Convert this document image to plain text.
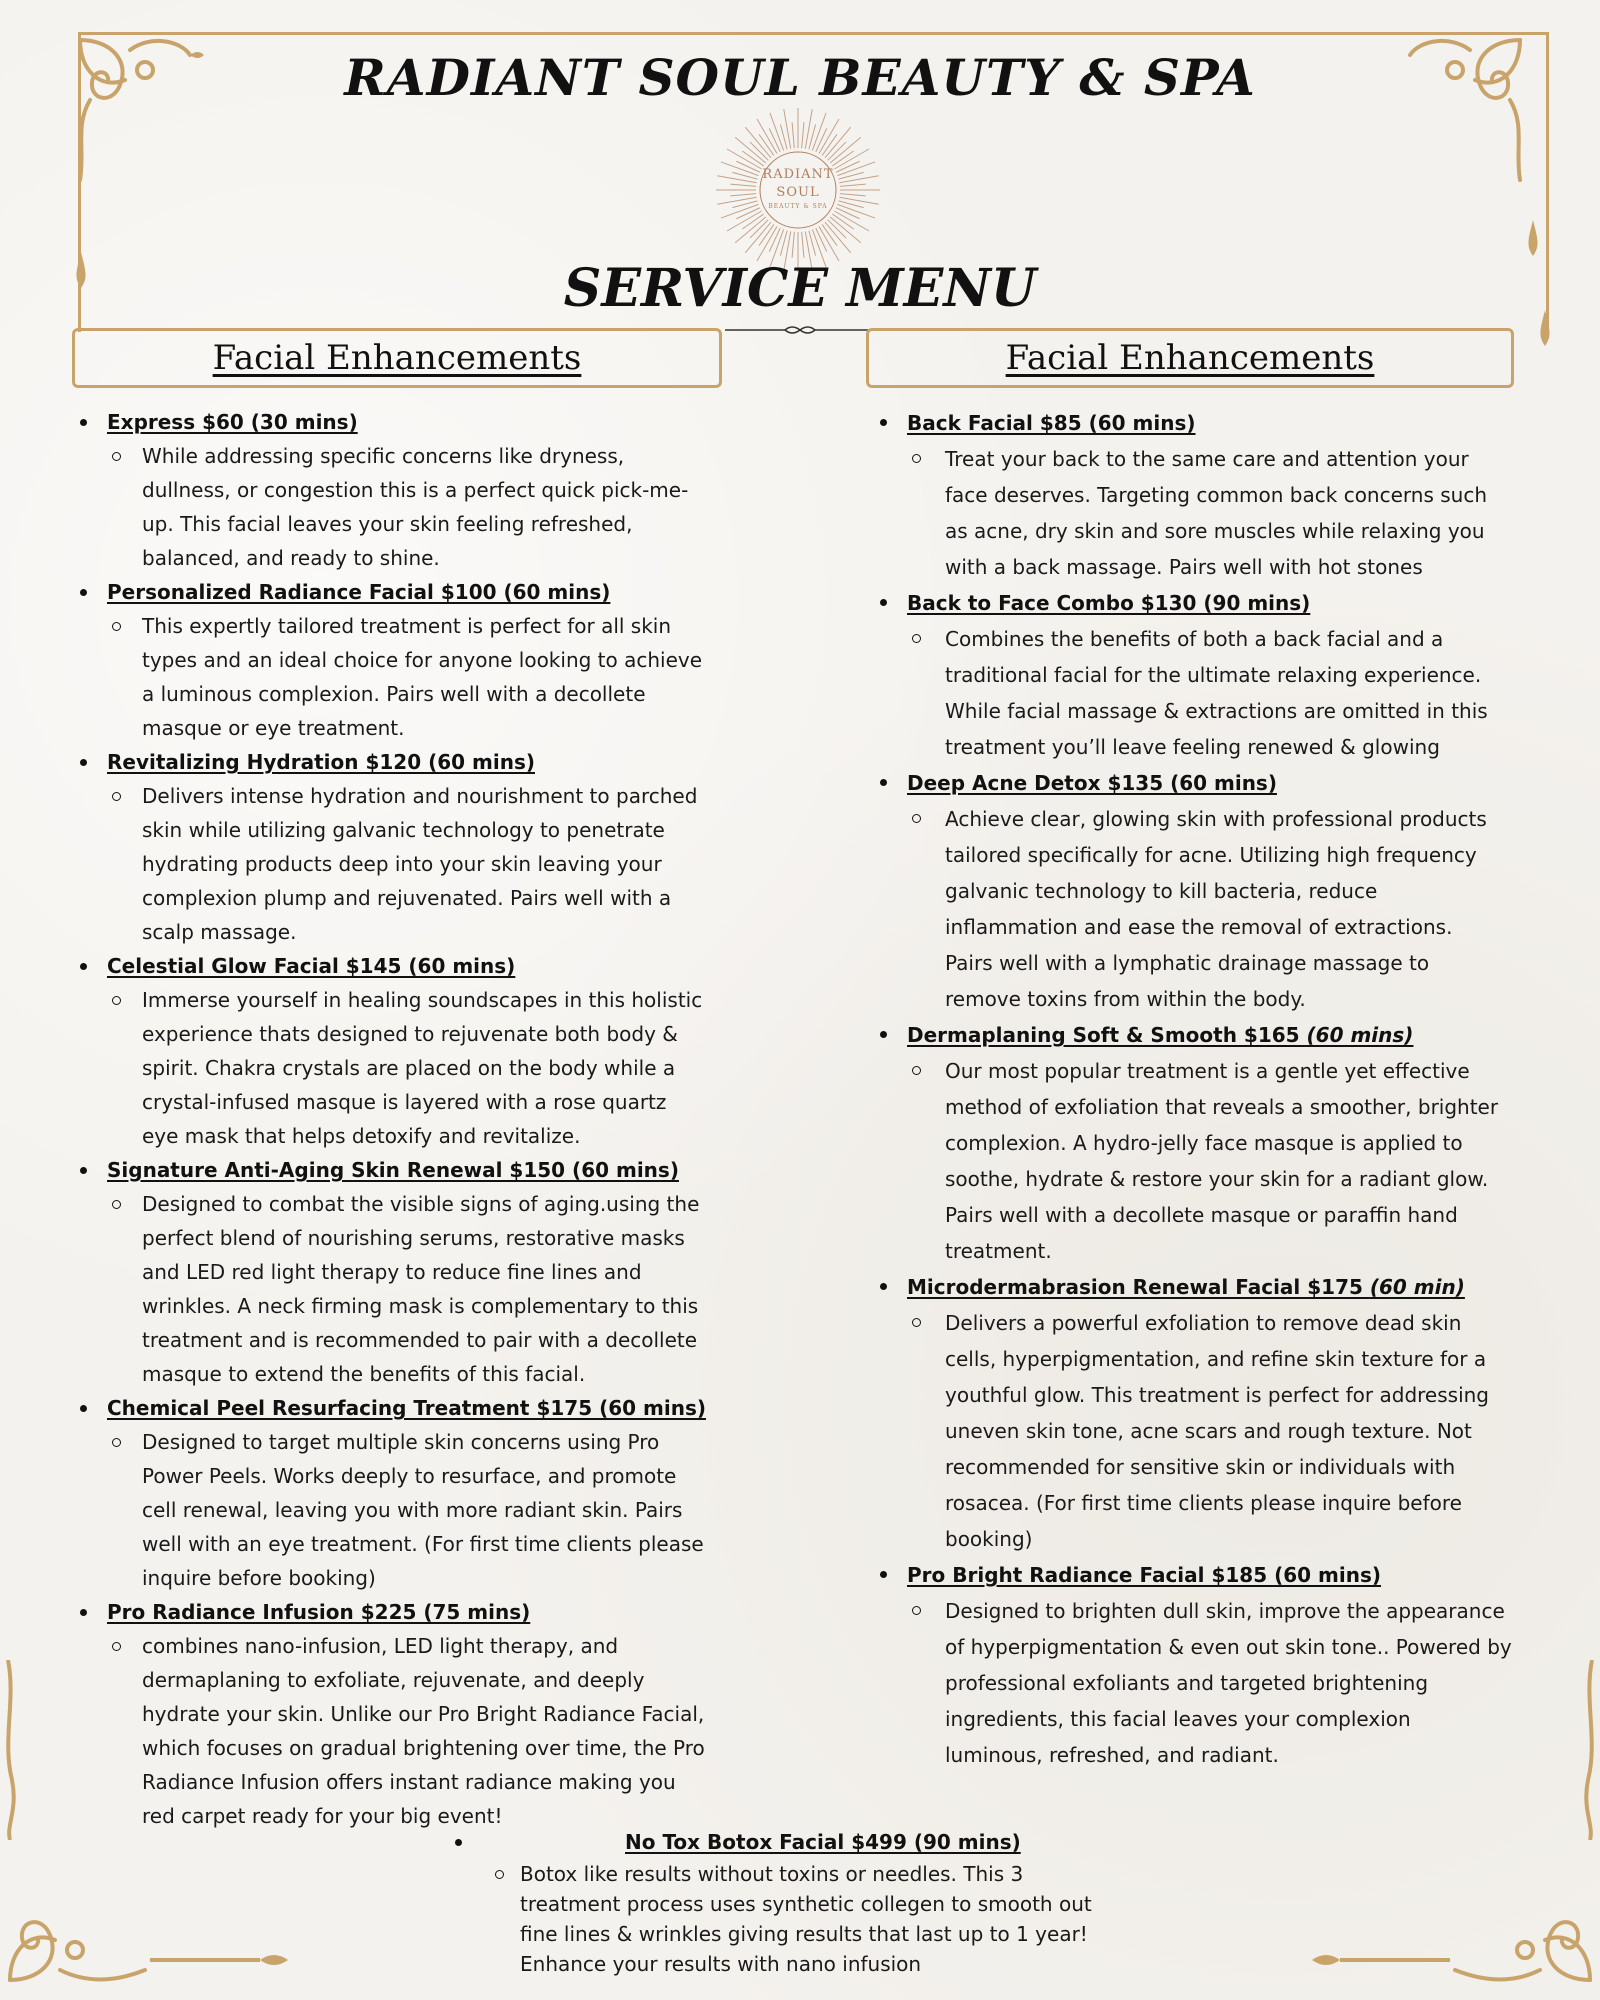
RADIANT SOUL BEAUTY & SPA
RADIANT
SOUL
BEAUTY & SPA
SERVICE MENU
Facial Enhancements	Facial Enhancements
Express $60 (30 mins)
While addressing specific concerns like dryness,
dullness, or congestion this is a perfect quick pick-me-
up. This facial leaves your skin feeling refreshed,
balanced, and ready to shine.
Personalized Radiance Facial $100 (60 mins)
This expertly tailored treatment is perfect for all skin
types and an ideal choice for anyone looking to achieve
a luminous complexion. Pairs well with a decollete
masque or eye treatment.
Revitalizing Hydration $120 (60 mins)
Delivers intense hydration and nourishment to parched
skin while utilizing galvanic technology to penetrate
hydrating products deep into your skin leaving your
complexion plump and rejuvenated. Pairs well with a
scalp massage.
Celestial Glow Facial $145 (60 mins)
Immerse yourself in healing soundscapes in this holistic
experience thats designed to rejuvenate both body &
spirit. Chakra crystals are placed on the body while a
crystal-infused masque is layered with a rose quartz
eye mask that helps detoxify and revitalize.
Signature Anti-Aging Skin Renewal $150 (60 mins)
Designed to combat the visible signs of aging.using the
perfect blend of nourishing serums, restorative masks
and LED red light therapy to reduce fine lines and
wrinkles. A neck firming mask is complementary to this
treatment and is recommended to pair with a decollete
masque to extend the benefits of this facial.
Chemical Peel Resurfacing Treatment $175 (60 mins)
Designed to target multiple skin concerns using Pro
Power Peels. Works deeply to resurface, and promote
cell renewal, leaving you with more radiant skin. Pairs
well with an eye treatment. (For first time clients please
inquire before booking)
Pro Radiance Infusion $225 (75 mins)
combines nano-infusion, LED light therapy, and
dermaplaning to exfoliate, rejuvenate, and deeply
hydrate your skin. Unlike our Pro Bright Radiance Facial,
which focuses on gradual brightening over time, the Pro
Radiance Infusion offers instant radiance making you
red carpet ready for your big event!
Back Facial $85 (60 mins)
Treat your back to the same care and attention your
face deserves. Targeting common back concerns such
as acne, dry skin and sore muscles while relaxing you
with a back massage. Pairs well with hot stones
Back to Face Combo $130 (90 mins)
Combines the benefits of both a back facial and a
traditional facial for the ultimate relaxing experience.
While facial massage & extractions are omitted in this
treatment you’ll leave feeling renewed & glowing
Deep Acne Detox $135 (60 mins)
Achieve clear, glowing skin with professional products
tailored specifically for acne. Utilizing high frequency
galvanic technology to kill bacteria, reduce
inflammation and ease the removal of extractions.
Pairs well with a lymphatic drainage massage to
remove toxins from within the body.
Dermaplaning Soft & Smooth $165 (60 mins)
Our most popular treatment is a gentle yet effective
method of exfoliation that reveals a smoother, brighter
complexion. A hydro-jelly face masque is applied to
soothe, hydrate & restore your skin for a radiant glow.
Pairs well with a decollete masque or paraffin hand
treatment.
Microdermabrasion Renewal Facial $175 (60 min)
Delivers a powerful exfoliation to remove dead skin
cells, hyperpigmentation, and refine skin texture for a
youthful glow. This treatment is perfect for addressing
uneven skin tone, acne scars and rough texture. Not
recommended for sensitive skin or individuals with
rosacea. (For first time clients please inquire before
booking)
Pro Bright Radiance Facial $185 (60 mins)
Designed to brighten dull skin, improve the appearance
of hyperpigmentation & even out skin tone.. Powered by
professional exfoliants and targeted brightening
ingredients, this facial leaves your complexion
luminous, refreshed, and radiant.
No Tox Botox Facial $499 (90 mins)
Botox like results without toxins or needles. This 3
treatment process uses synthetic collegen to smooth out
fine lines & wrinkles giving results that last up to 1 year!
Enhance your results with nano infusion
